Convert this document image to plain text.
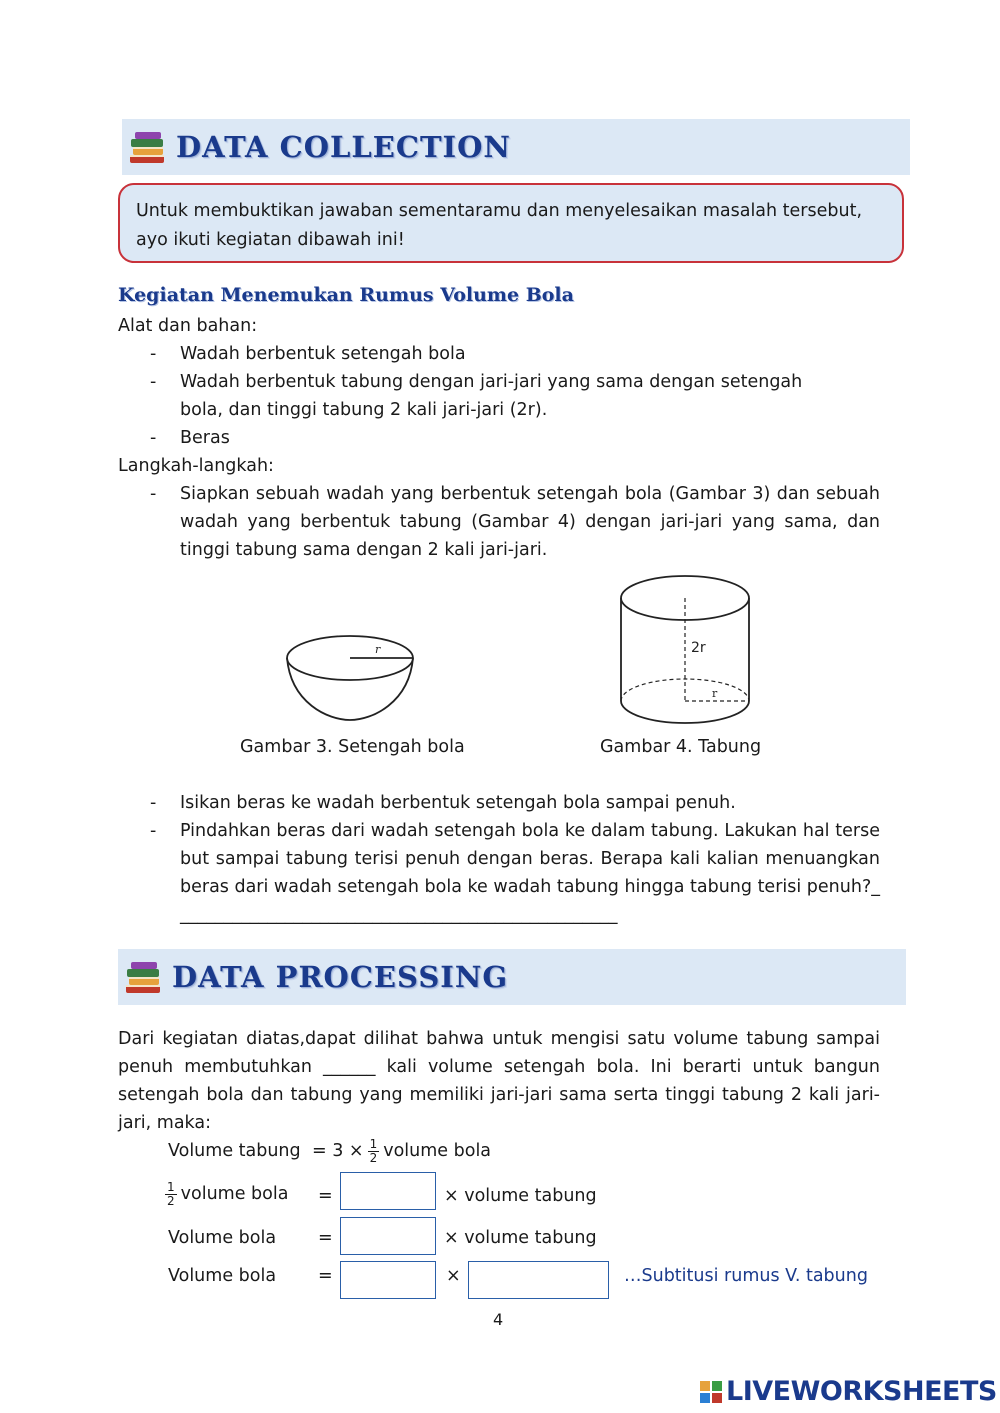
DATA COLLECTION
Untuk membuktikan jawaban sementaramu dan menyelesaikan masalah tersebut, ayo ikuti kegiatan dibawah ini!
Kegiatan Menemukan Rumus Volume Bola
Alat dan bahan:
- Wadah berbentuk setengah bola
- Wadah berbentuk tabung dengan jari-jari yang sama dengan setengah bola, dan tinggi tabung 2 kali jari-jari (2r).
- Beras
Langkah-langkah:
- Siapkan sebuah wadah yang berbentuk setengah bola (Gambar 3) dan sebuah wadah yang berbentuk tabung (Gambar 4) dengan jari-jari yang sama, dan tinggi tabung sama dengan 2 kali jari-jari.
r	2r
r
Gambar 3. Setengah bola	Gambar 4. Tabung
- Isikan beras ke wadah berbentuk setengah bola sampai penuh.
- Pindahkan beras dari wadah setengah bola ke dalam tabung. Lakukan hal tersebut sampai tabung terisi penuh dengan beras. Berapa kali kalian menuangkan beras dari wadah setengah bola ke wadah tabung hingga tabung terisi penuh?___________________________________________________
DATA PROCESSING
Dari kegiatan diatas,dapat dilihat bahwa untuk mengisi satu volume tabung sampai penuh membutuhkan ______ kali volume setengah bola. Ini berarti untuk bangun setengah bola dan tabung yang memiliki jari-jari sama serta tinggi tabung 2 kali jari-jari, maka:
Volume tabung = $3 \times \frac{1}{2}$ volume bola
$\frac{1}{2}$ volume bola =	× volume tabung
Volume bola =	× volume tabung
Volume bola =	×	…Subtitusi rumus V. tabung
4
LIVEWORKSHEETS
